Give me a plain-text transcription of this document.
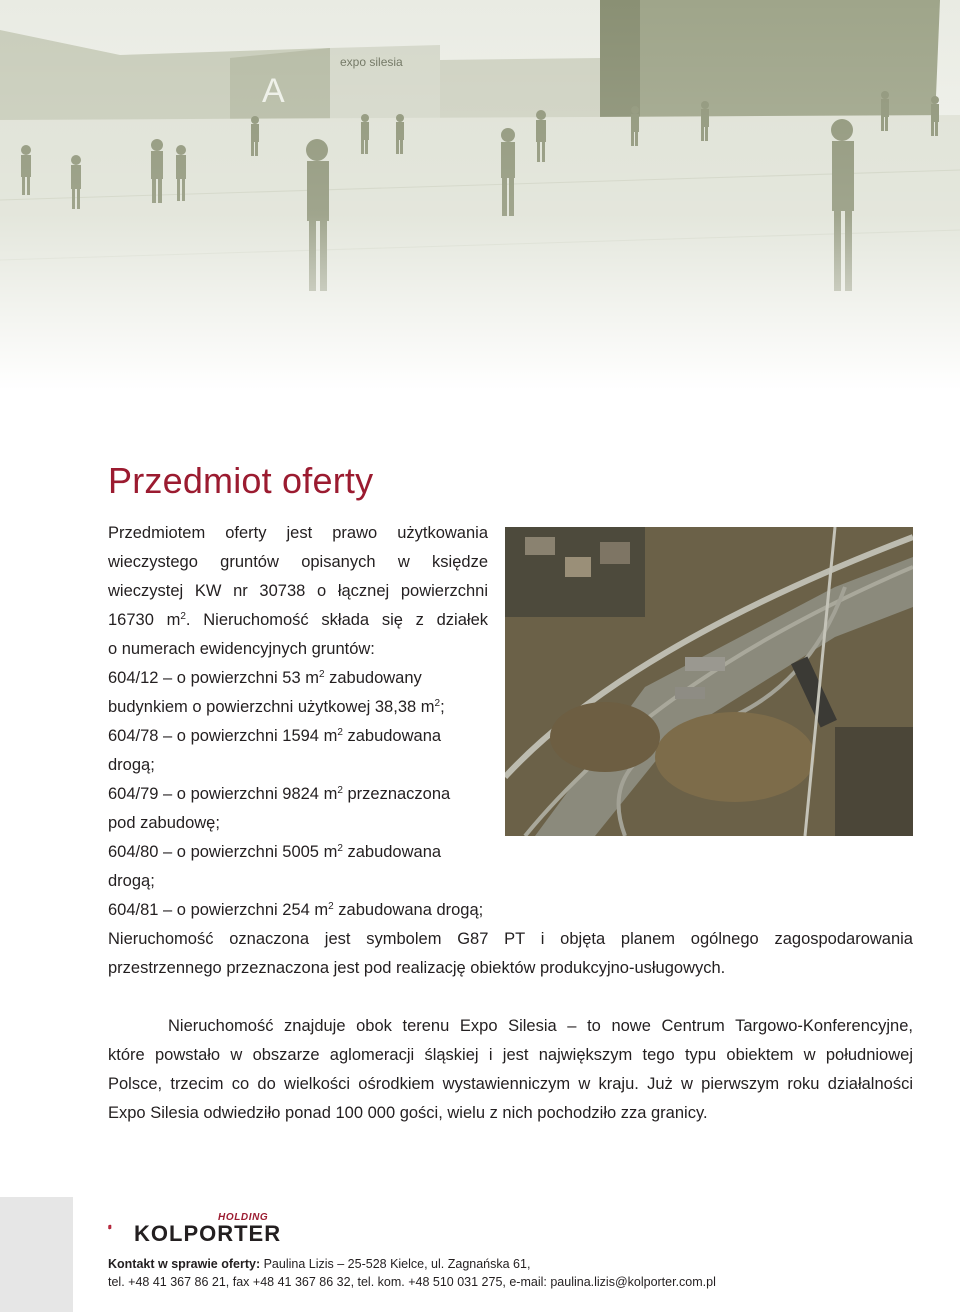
Przedmiot oferty
Przedmiotem oferty jest prawo użytkowania
wieczystego gruntów opisanych w księdze
wieczystej KW nr 30738 o łącznej powierzchni
16730 $m^2$. Nieruchomość składa się z działek
o numerach ewidencyjnych gruntów:
604/12 – o powierzchni 53 $m^2$ zabudowany
budynkiem o powierzchni użytkowej 38,38 $m^2$;
604/78 – o powierzchni 1594 $m^2$ zabudowana
drogą;
604/79 – o powierzchni 9824 $m^2$ przeznaczona
pod zabudowę;
604/80 – o powierzchni 5005 $m^2$ zabudowana
drogą;
604/81 – o powierzchni 254 $m^2$ zabudowana drogą;
Nieruchomość oznaczona jest symbolem G87 PT i objęta planem ogólnego zagospodarowania
przestrzennego przeznaczona jest pod realizację obiektów produkcyjno-usługowych.
Nieruchomość znajduje obok terenu Expo Silesia – to nowe Centrum Targowo-Konferencyjne,
które powstało w obszarze aglomeracji śląskiej i jest największym tego typu obiektem w południowej
Polsce, trzecim co do wielkości ośrodkiem wystawienniczym w kraju. Już w pierwszym roku działalności
Expo Silesia odwiedziło ponad 100 000 gości, wielu z nich pochodziło zza granicy.
HOLDING
KOLPORTER
Kontakt w sprawie oferty: Paulina Lizis – 25-528 Kielce, ul. Zagnańska 61,
tel. +48 41 367 86 21, fax +48 41 367 86 32, tel. kom. +48 510 031 275, e-mail: paulina.lizis@kolporter.com.pl
